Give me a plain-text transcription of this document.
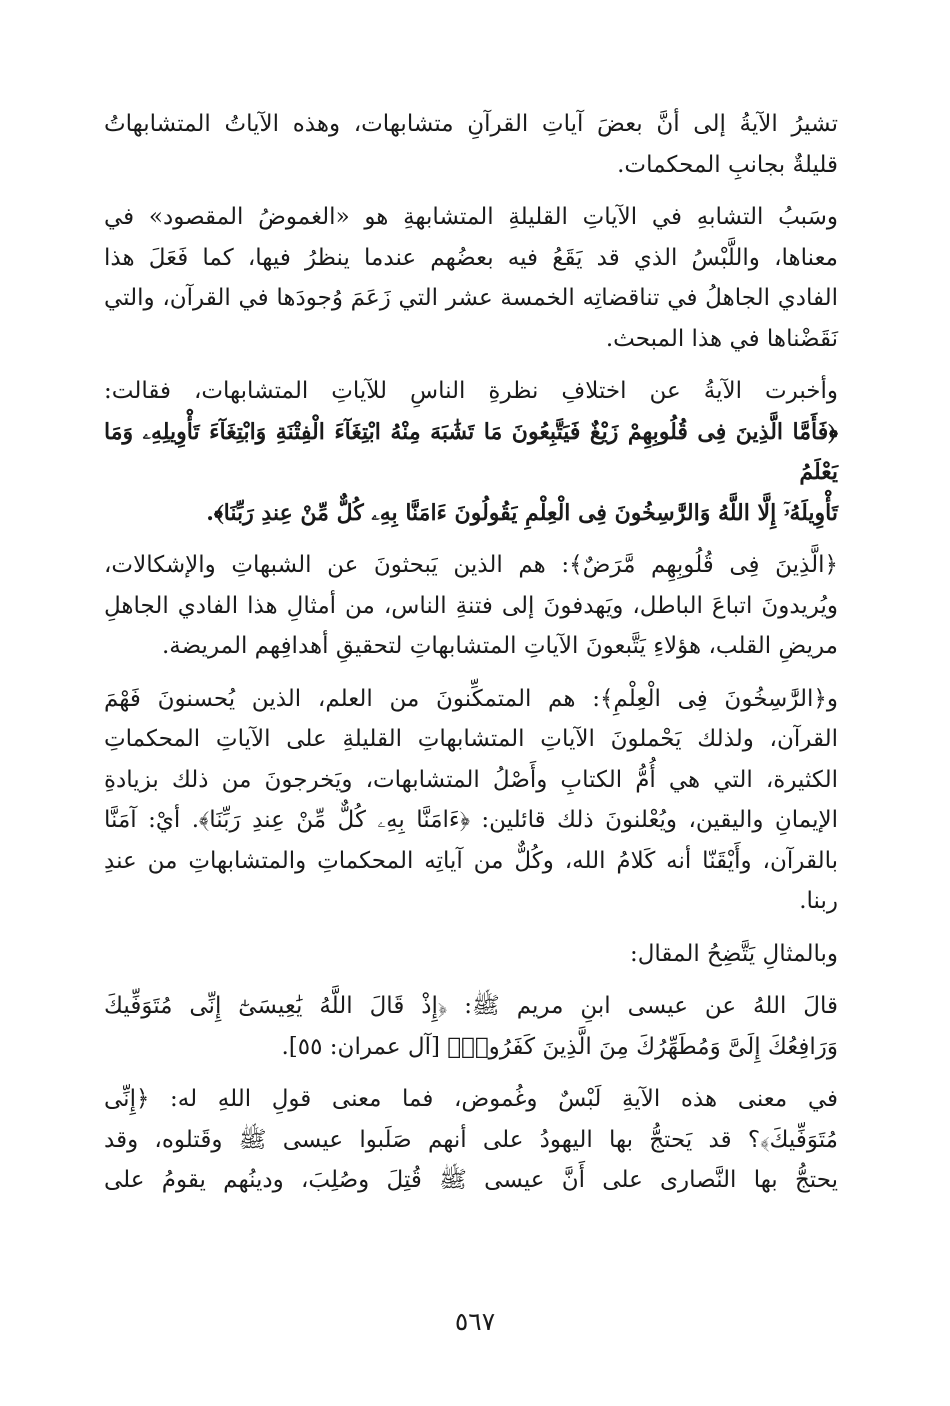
تشيرُ الآيةُ إلى أنَّ بعضَ آياتِ القرآنِ متشابهات، وهذه الآياتُ المتشابهاتُ
قليلةٌ بجانبِ المحكمات.

وسَببُ التشابهِ في الآياتِ القليلةِ المتشابهةِ هو «الغموضُ المقصود» في
معناها، واللَّبْسُ الذي قد يَقَعُ فيه بعضُهم عندما ينظرُ فيها، كما فَعَلَ هذا
الفادي الجاهلُ في تناقضاتِه الخمسة عشر التي زَعَمَ وُجودَها في القرآن، والتي
نَقَضْناها في هذا المبحث.

وأخبرت الآيةُ عن اختلافِ نظرةِ الناسِ للآياتِ المتشابهات، فقالت:
﴿فَأَمَّا الَّذِينَ فِى قُلُوبِهِمْ زَيْغٌ فَيَتَّبِعُونَ مَا تَشَٰبَهَ مِنْهُ ابْتِغَآءَ الْفِتْنَةِ وَابْتِغَآءَ تَأْوِيلِهِۦ وَمَا يَعْلَمُ
تَأْوِيلَهُۥٓ إِلَّا اللَّهُ وَالرَّٰسِخُونَ فِى الْعِلْمِ يَقُولُونَ ءَامَنَّا بِهِۦ كُلٌّ مِّنْ عِندِ رَبِّنَا﴾.

﴿الَّذِينَ فِى قُلُوبِهِم مَّرَضٌ﴾: هم الذين يَبحثونَ عن الشبهاتِ والإشكالات،
ويُريدونَ اتباعَ الباطل، ويَهدفونَ إلى فتنةِ الناس، من أمثالِ هذا الفادي الجاهلِ
مريضِ القلب، هؤلاءِ يَتَّبعونَ الآياتِ المتشابهاتِ لتحقيقِ أهدافِهم المريضة.

و﴿الرَّٰسِخُونَ فِى الْعِلْمِ﴾: هم المتمكِّنونَ من العلم، الذين يُحسنونَ فَهْمَ
القرآن، ولذلك يَحْملونَ الآياتِ المتشابهاتِ القليلةِ على الآياتِ المحكماتِ
الكثيرة، التي هي أُمُّ الكتابِ وأَصْلُ المتشابهات، ويَخرجونَ من ذلك بزيادةِ
الإيمانِ واليقين، ويُعْلنونَ ذلك قائلين: ﴿ءَامَنَّا بِهِۦ كُلٌّ مِّنْ عِندِ رَبِّنَا﴾. أيْ: آمَنَّا
بالقرآن، وأَيْقَنّا أنه كَلامُ الله، وكُلٌّ من آياتِه المحكماتِ والمتشابهاتِ من عندِ
ربنا.

وبالمثالِ يَتَّضِحُ المقال:

قالَ اللهُ عن عيسى ابنِ مريم ﷺ: ﴿إِذْ قَالَ اللَّهُ يَٰعِيسَىٰٓ إِنِّى مُتَوَفِّيكَ
وَرَافِعُكَ إِلَىَّ وَمُطَهِّرُكَ مِنَ الَّذِينَ كَفَرُوا۟﴾ [آل عمران: ٥٥].

في معنى هذه الآيةِ لَبْسٌ وغُموض، فما معنى قولِ اللهِ له: ﴿إِنِّى
مُتَوَفِّيكَ﴾؟ قد يَحتجُّ بها اليهودُ على أنهم صَلَبوا عيسى ﷺ وقَتلوه، وقد
يحتجُّ بها النَّصارى على أَنَّ عيسى ﷺ قُتِلَ وصُلِبَ، ودينُهم يقومُ على

٥٦٧
